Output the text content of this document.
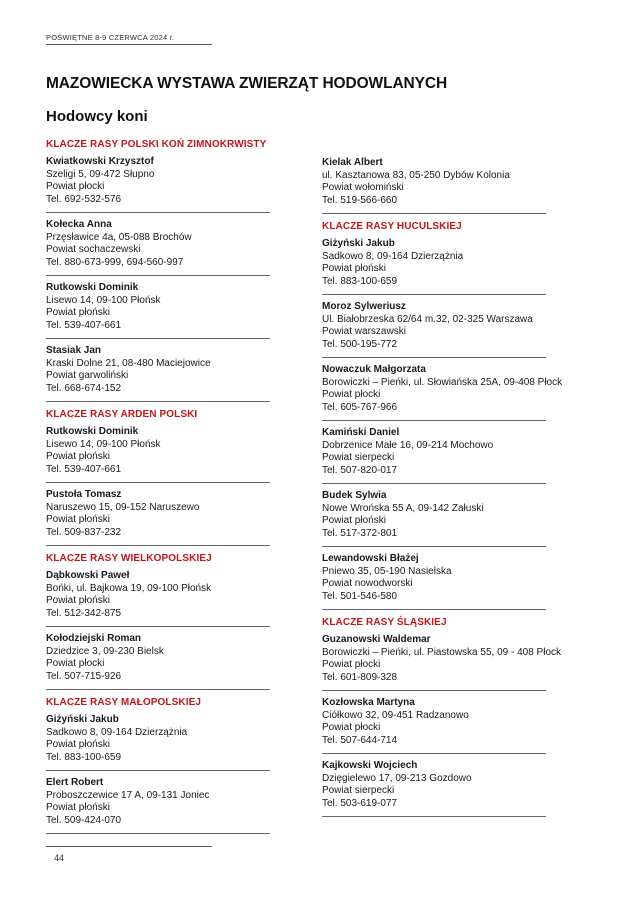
POŚWIĘTNE 8-9 CZERWCA 2024 r.
MAZOWIECKA WYSTAWA ZWIERZĄT HODOWLANYCH
Hodowcy koni
KLACZE RASY POLSKI KOŃ ZIMNOKRWISTY
Kwiatkowski Krzysztof
Szeligi 5, 09-472 Słupno
Powiat płocki
Tel. 692-532-576
Kołecka Anna
Przęsławice 4a, 05-088 Brochów
Powiat sochaczewski
Tel. 880-673-999, 694-560-997
Rutkowski Dominik
Lisewo 14, 09-100 Płońsk
Powiat płoński
Tel. 539-407-661
Stasiak Jan
Kraski Dolne 21, 08-480 Maciejowice
Powiat garwoliński
Tel. 668-674-152
KLACZE RASY ARDEN POLSKI
Rutkowski Dominik
Lisewo 14, 09-100 Płońsk
Powiat płoński
Tel. 539-407-661
Pustoła Tomasz
Naruszewo 15, 09-152 Naruszewo
Powiat płoński
Tel. 509-837-232
KLACZE RASY WIELKOPOLSKIEJ
Dąbkowski Paweł
Bońki, ul. Bajkowa 19, 09-100 Płońsk
Powiat płoński
Tel. 512-342-875
Kołodziejski Roman
Dziedzice 3, 09-230 Bielsk
Powiat płocki
Tel. 507-715-926
KLACZE RASY MAŁOPOLSKIEJ
Giżyński Jakub
Sadkowo 8, 09-164 Dzierzążnia
Powiat płoński
Tel. 883-100-659
Elert Robert
Proboszczewice 17 A, 09-131 Joniec
Powiat płoński
Tel. 509-424-070
Kielak Albert
ul. Kasztanowa 83, 05-250 Dybów Kolonia
Powiat wołomiński
Tel. 519-566-660
KLACZE RASY HUCULSKIEJ
Giżyński Jakub
Sadkowo 8, 09-164 Dzierzążnia
Powiat płoński
Tel. 883-100-659
Moroz Sylweriusz
Ul. Białobrzeska 62/64 m.32, 02-325 Warszawa
Powiat warszawski
Tel. 500-195-772
Nowaczuk Małgorzata
Borowiczki – Pieńki, ul. Słowiańska 25A, 09-408 Płock
Powiat płocki
Tel. 605-767-966
Kamiński Daniel
Dobrzenice Małe 16, 09-214 Mochowo
Powiat sierpecki
Tel. 507-820-017
Budek Sylwia
Nowe Wrońska 55 A, 09-142 Załuski
Powiat płoński
Tel. 517-372-801
Lewandowski Błażej
Pniewo 35, 05-190 Nasielska
Powiat nowodworski
Tel. 501-546-580
KLACZE RASY ŚLĄSKIEJ
Guzanowski Waldemar
Borowiczki – Pieńki, ul. Piastowska 55, 09 - 408 Płock
Powiat płocki
Tel. 601-809-328
Kozłowska Martyna
Ciółkowo 32, 09-451 Radzanowo
Powiat płocki
Tel. 507-644-714
Kajkowski Wojciech
Dzięgielewo 17, 09-213 Gozdowo
Powiat sierpecki
Tel. 503-619-077
44
